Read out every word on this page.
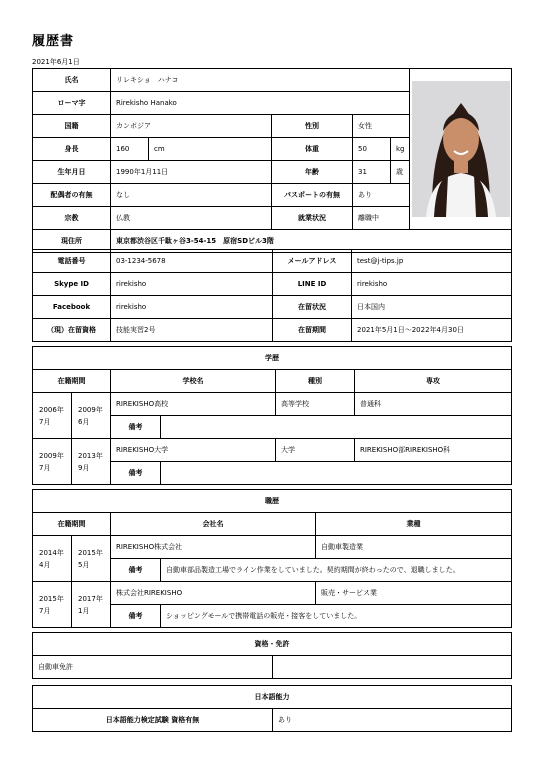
履歴書
2021年6月1日
氏名	リレキショ　ハナコ	

ローマ字	Rirekisho Hanako					
国籍	カンボジア		性別	女性		
身長	160	cm	体重	50	kg	
生年月日	1990年1月11日		年齢	31	歳	
配偶者の有無	なし		パスポートの有無	あり		
宗教	仏教		就業状況	離職中		
現住所	東京都渋谷区千駄ヶ谷3-54-15　原宿SDビル3階					
電話番号	03-1234-5678	メールアドレス	test@j-tips.jp
Skype ID	rirekisho	LINE ID	rirekisho
Facebook	rirekisho	在留状況	日本国内
（現）在留資格	技能実習2号	在留期間	2021年5月1日〜2022年4月30日
学歴					
在籍期間		学校名		種別	専攻
2006年
7月	2009年
6月	RIREKISHO高校		高等学校	普通科
		備考			
2009年
7月	2013年
9月	RIREKISHO大学		大学	RIREKISHO部RIREKISHO科
		備考			
職歴				
在籍期間		会社名		業種
2014年
4月	2015年
5月	RIREKISHO株式会社		自動車製造業
		備考	自動車部品製造工場でライン作業をしていました。契約期間が終わったので、退職しました。	
2015年
7月	2017年
1月	株式会社RIREKISHO		販売・サービス業
		備考	ショッピングモールで携帯電話の販売・接客をしていました。	
資格・免許
自動車免許	
日本語能力
日本語能力検定試験 資格有無	あり
